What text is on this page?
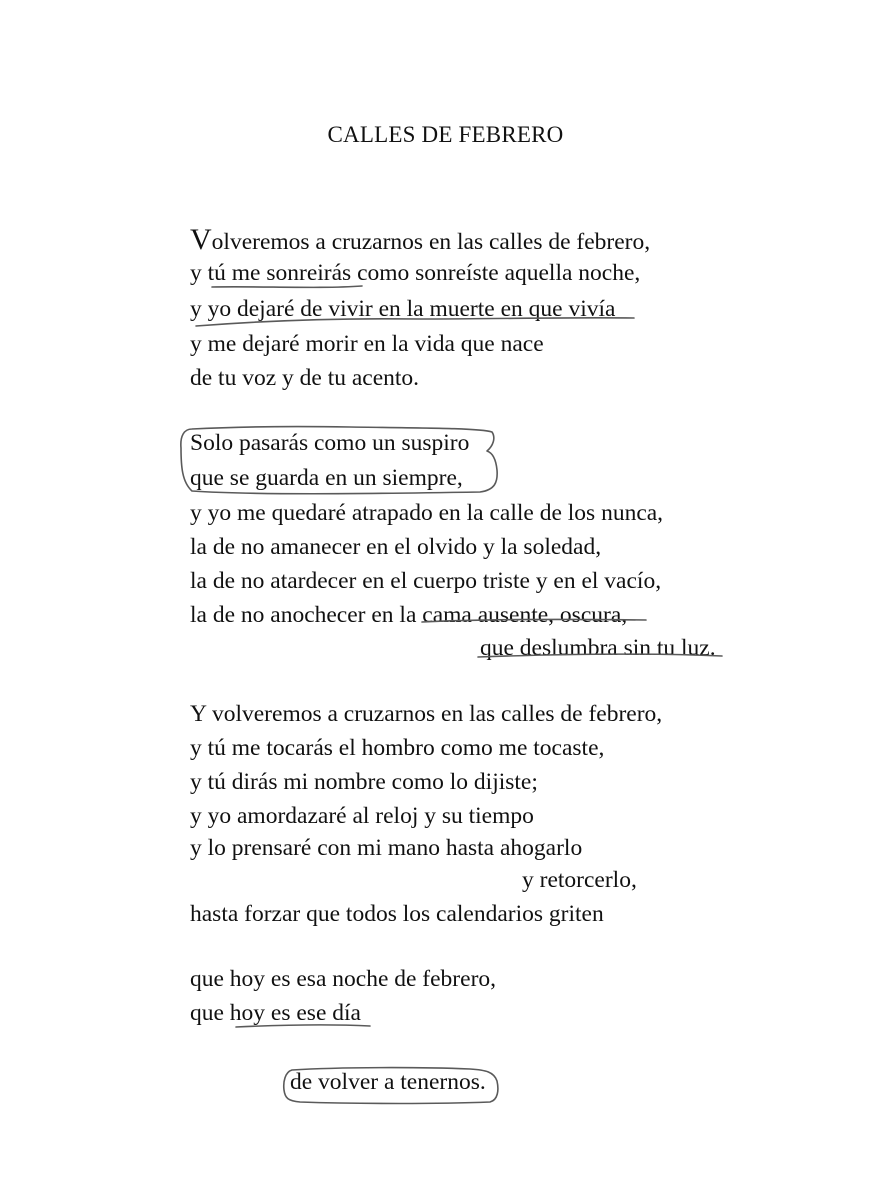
CALLES DE FEBRERO
Volveremos a cruzarnos en las calles de febrero,
y tú me sonreirás como sonreíste aquella noche,
y yo dejaré de vivir en la muerte en que vivía
y me dejaré morir en la vida que nace
de tu voz y de tu acento.
Solo pasarás como un suspiro
que se guarda en un siempre,
y yo me quedaré atrapado en la calle de los nunca,
la de no amanecer en el olvido y la soledad,
la de no atardecer en el cuerpo triste y en el vacío,
la de no anochecer en la cama ausente, oscura,
que deslumbra sin tu luz.
Y volveremos a cruzarnos en las calles de febrero,
y tú me tocarás el hombro como me tocaste,
y tú dirás mi nombre como lo dijiste;
y yo amordazaré al reloj y su tiempo
y lo prensaré con mi mano hasta ahogarlo
y retorcerlo,
hasta forzar que todos los calendarios griten
que hoy es esa noche de febrero,
que hoy es ese día
de volver a tenernos.
